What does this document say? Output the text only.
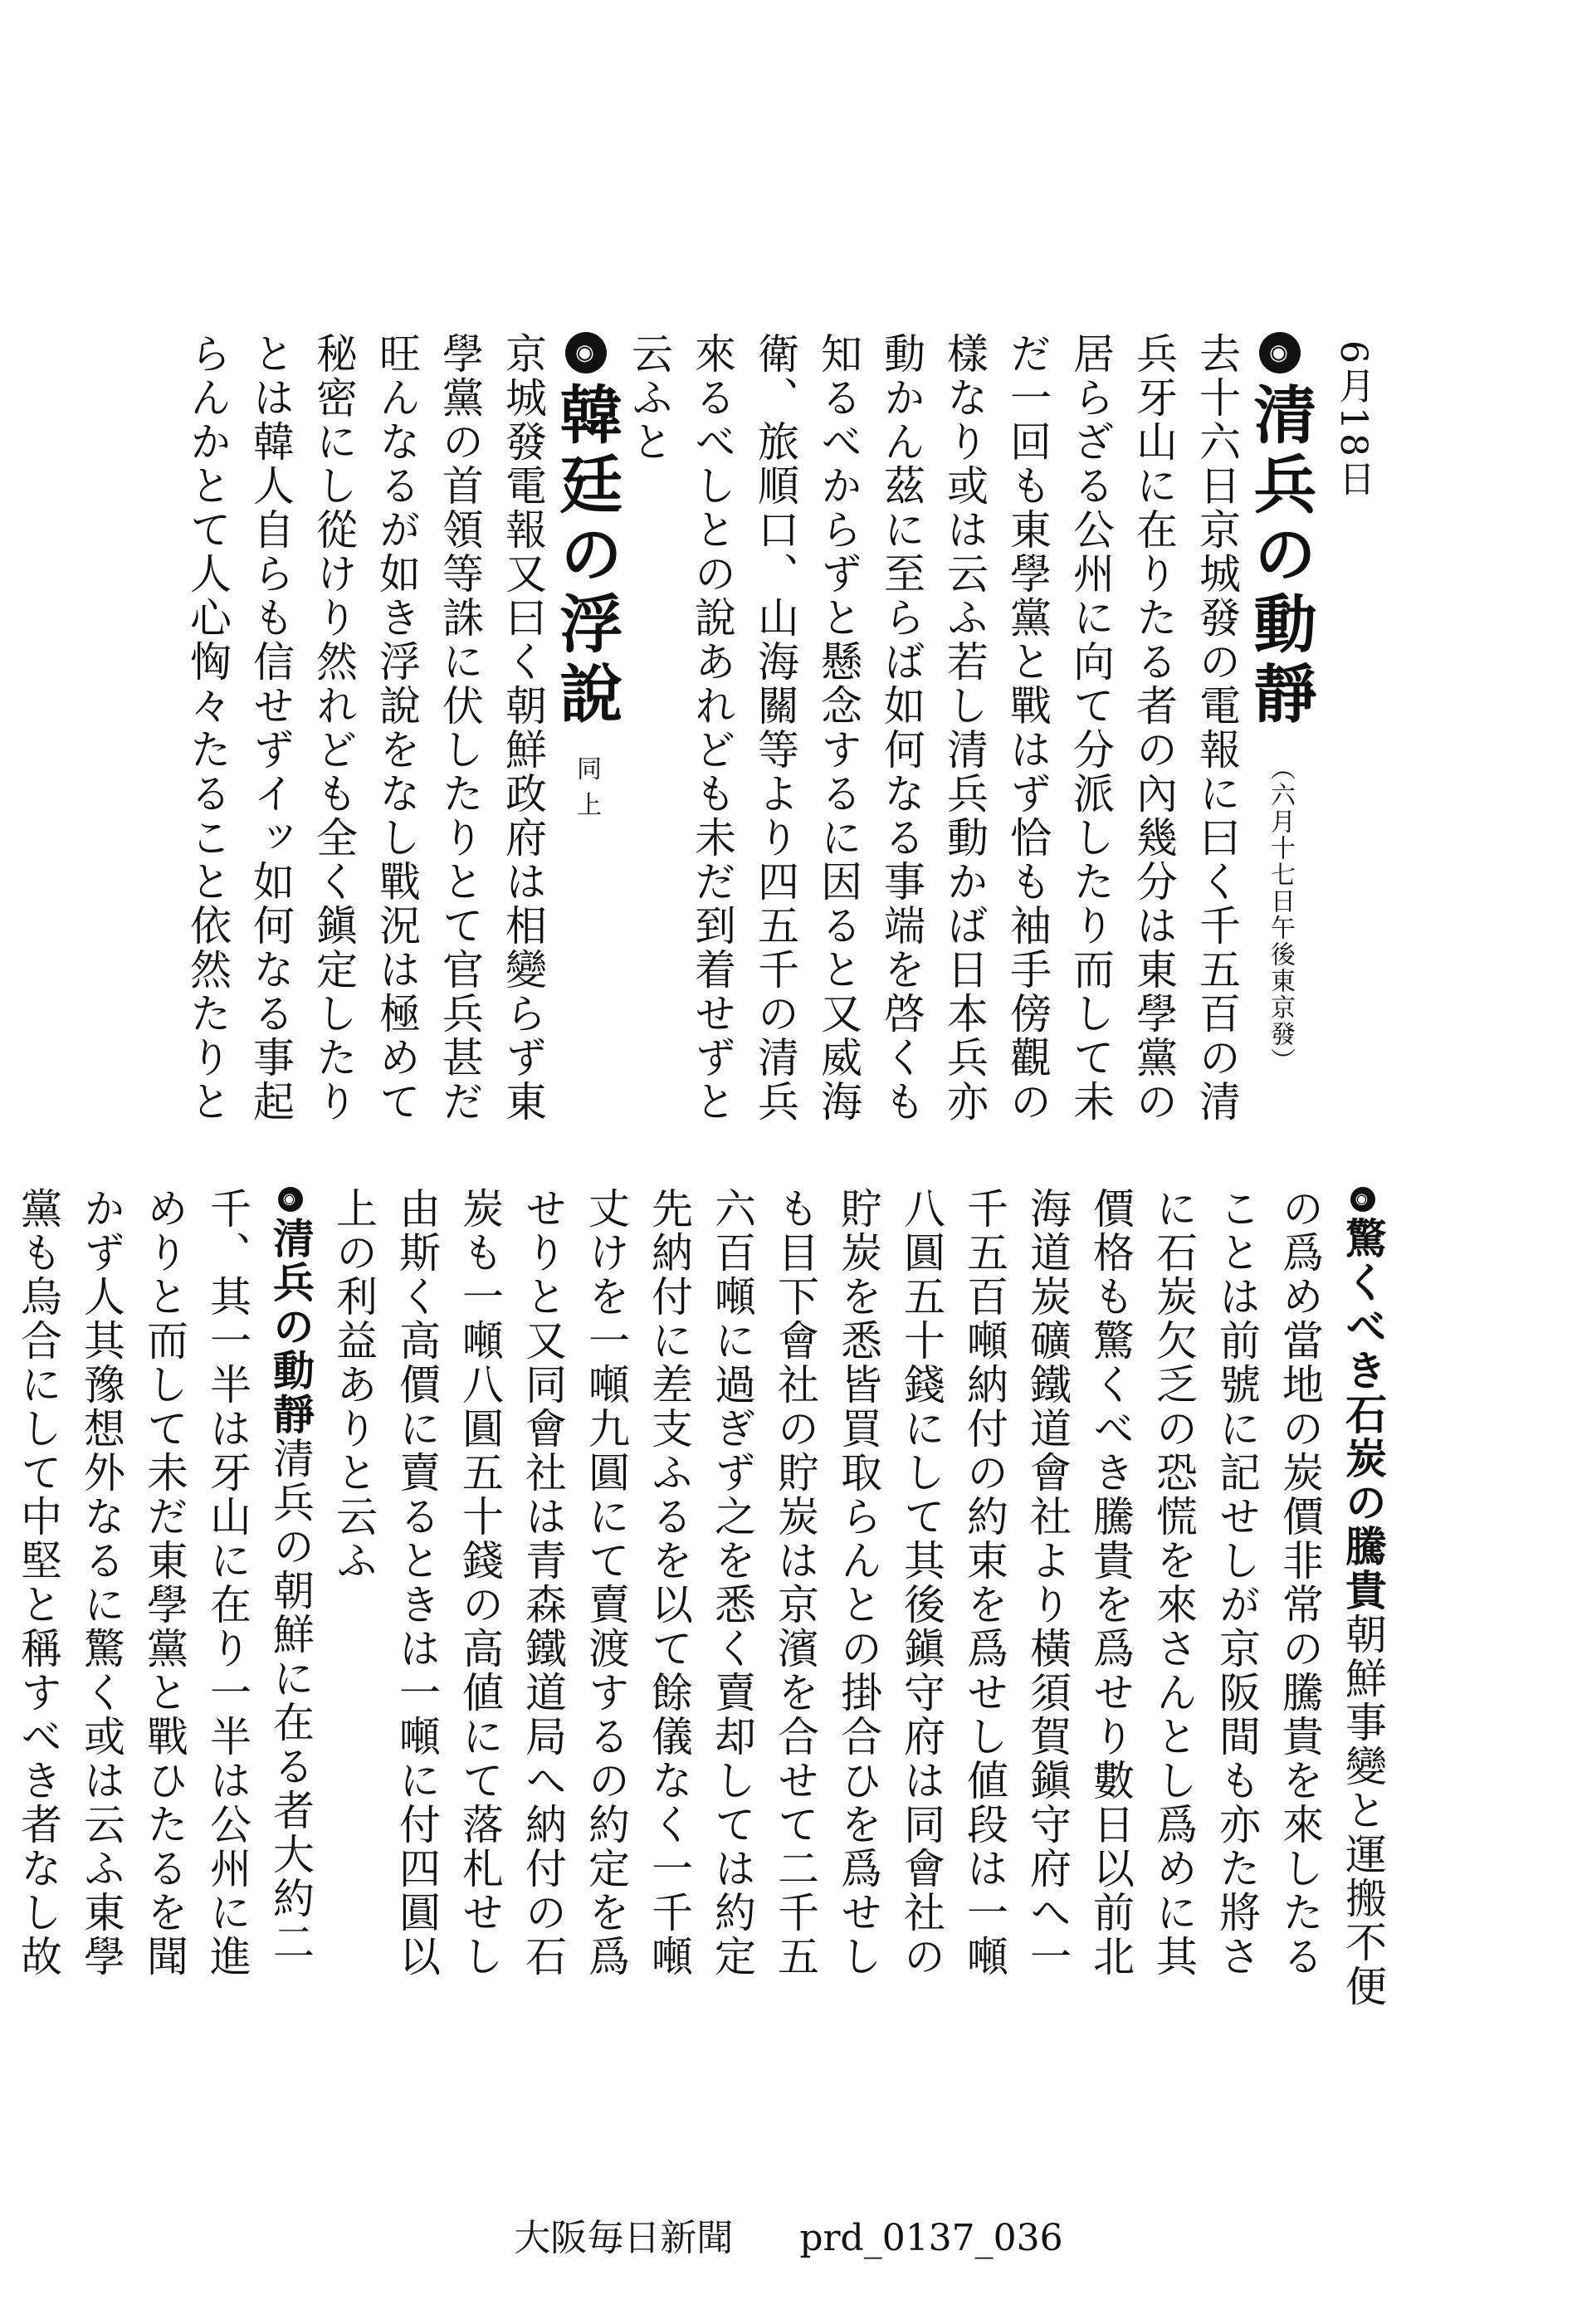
6月18日
◉清兵の動靜（六月十七日午後東京發）
去十六日京城發の電報に曰く千五百の清兵牙山に在りたる者の內幾分は東學黨の居らざる公州に向て分派したり而して未だ一回も東學黨と戰はず恰も袖手傍觀の樣なり或は云ふ若し清兵動かば日本兵亦動かん茲に至らば如何なる事端を啓くも知るべからずと懸念するに因ると又威海衛、旅順口、山海關等より四五千の清兵來るべしとの說あれども未だ到着せずと云ふと
◉韓廷の浮說同 上
京城發電報又曰く朝鮮政府は相變らず東學黨の首領等誅に伏したりとて官兵甚だ旺んなるが如き浮說をなし戰況は極めて秘密にし從けり然れども全く鎭定したりとは韓人自らも信せずイッ如何なる事起らんかとて人心恟々たること依然たりと
◉驚くべき石炭の騰貴朝鮮事變と運搬不便の爲め當地の炭價非常の騰貴を來したることは前號に記せしが京阪間も亦た將さに石炭欠乏の恐慌を來さんとし爲めに其價格も驚くべき騰貴を爲せり數日以前北海道炭礦鐵道會社より橫須賀鎭守府へ一千五百噸納付の約束を爲せし値段は一噸八圓五十錢にして其後鎭守府は同會社の貯炭を悉皆買取らんとの掛合ひを爲せしも目下會社の貯炭は京濱を合せて二千五六百噸に過ぎず之を悉く賣却しては約定先納付に差支ふるを以て餘儀なく一千噸丈けを一噸九圓にて賣渡するの約定を爲せりと又同會社は青森鐵道局へ納付の石炭も一噸八圓五十錢の高値にて落札せし由斯く高價に賣るときは一噸に付四圓以上の利益ありと云ふ
◉清兵の動靜清兵の朝鮮に在る者大約二千、其一半は牙山に在り一半は公州に進めりと而して未だ東學黨と戰ひたるを聞かず人其豫想外なるに驚く或は云ふ東學黨も烏合にして中堅と稱すべき者なし故
大阪毎日新聞 prd_0137_036
